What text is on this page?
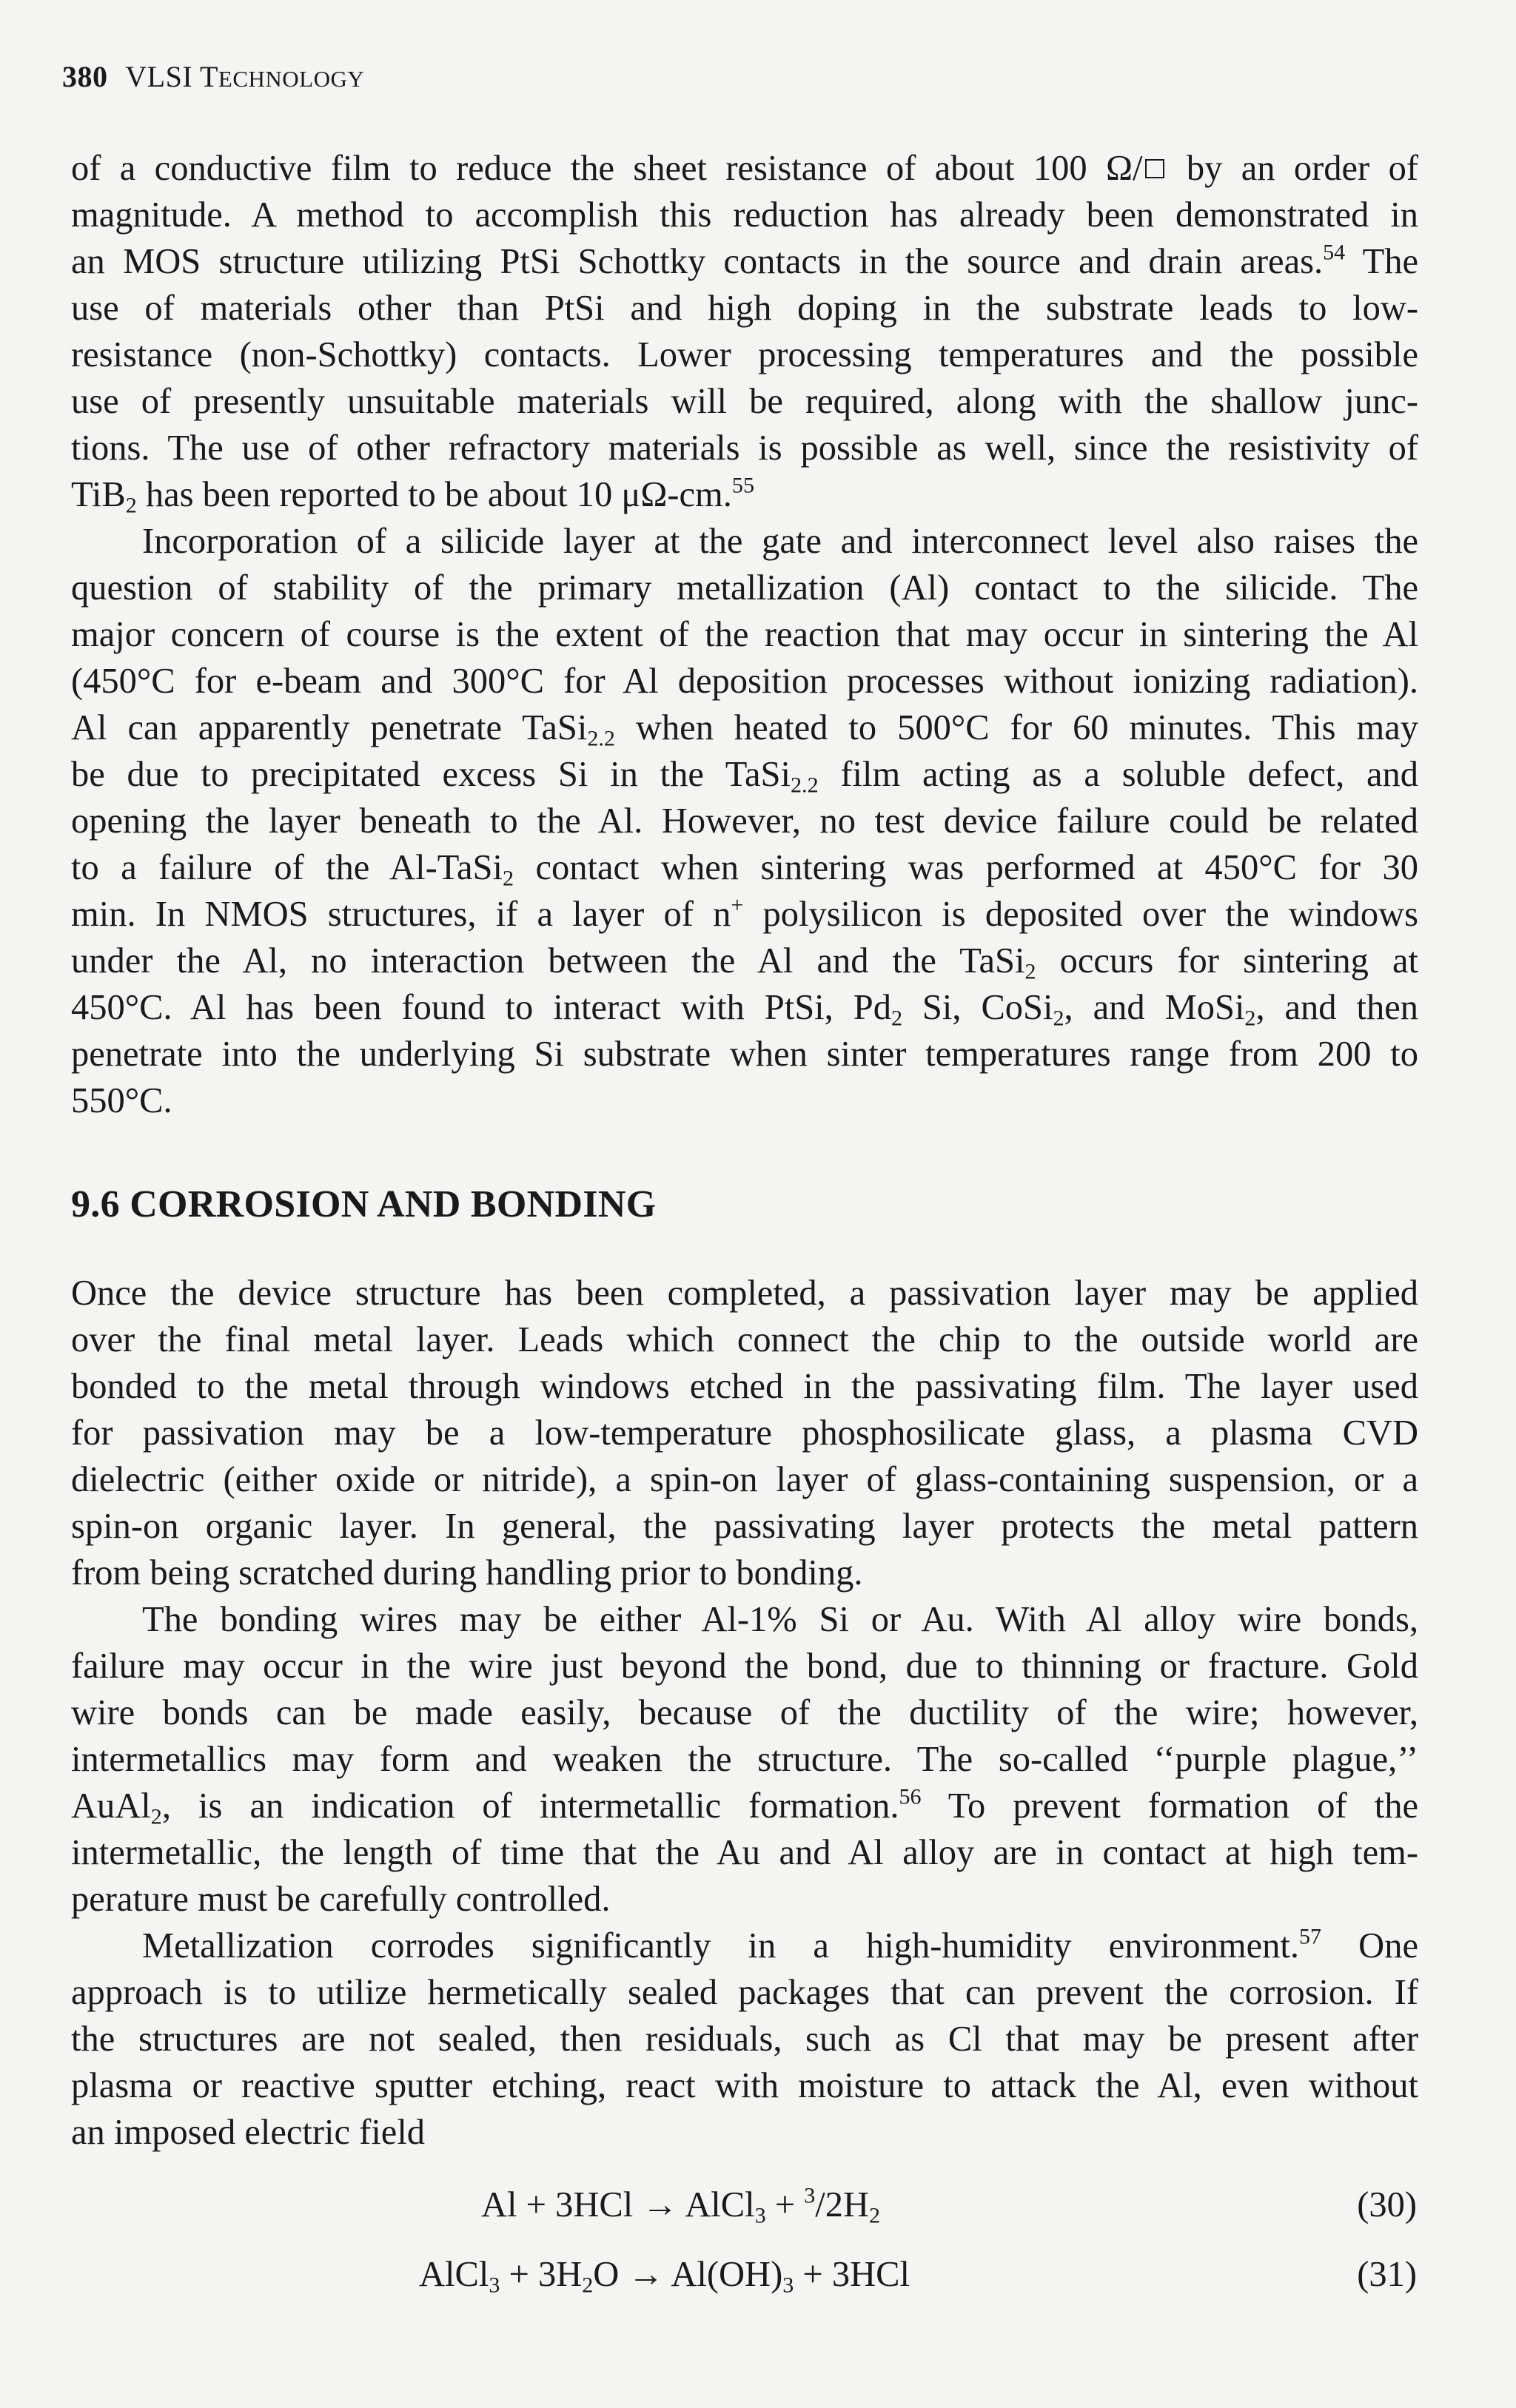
380 VLSI TECHNOLOGY
of a conductive film to reduce the sheet resistance of about 100 Ω/ by an order of
magnitude. A method to accomplish this reduction has already been demonstrated in
an MOS structure utilizing PtSi Schottky contacts in the source and drain areas.$^{54}$ The
use of materials other than PtSi and high doping in the substrate leads to low-
resistance (non-Schottky) contacts. Lower processing temperatures and the possible
use of presently unsuitable materials will be required, along with the shallow junc-
tions. The use of other refractory materials is possible as well, since the resistivity of
TiB$_2$ has been reported to be about 10 μΩ-cm.$^{55}$
Incorporation of a silicide layer at the gate and interconnect level also raises the
question of stability of the primary metallization (Al) contact to the silicide. The
major concern of course is the extent of the reaction that may occur in sintering the Al
(450°C for e-beam and 300°C for Al deposition processes without ionizing radiation).
Al can apparently penetrate TaSi$_{2.2}$ when heated to 500°C for 60 minutes. This may
be due to precipitated excess Si in the TaSi$_{2.2}$ film acting as a soluble defect, and
opening the layer beneath to the Al. However, no test device failure could be related
to a failure of the Al-TaSi$_2$ contact when sintering was performed at 450°C for 30
min. In NMOS structures, if a layer of n+ polysilicon is deposited over the windows
under the Al, no interaction between the Al and the TaSi$_2$ occurs for sintering at
450°C. Al has been found to interact with PtSi, $Pd_2$ Si, CoSi$_2$, and MoSi$_2$, and then
penetrate into the underlying Si substrate when sinter temperatures range from 200 to
550°C.
9.6 CORROSION AND BONDING
Once the device structure has been completed, a passivation layer may be applied
over the final metal layer. Leads which connect the chip to the outside world are
bonded to the metal through windows etched in the passivating film. The layer used
for passivation may be a low-temperature phosphosilicate glass, a plasma CVD
dielectric (either oxide or nitride), a spin-on layer of glass-containing suspension, or a
spin-on organic layer. In general, the passivating layer protects the metal pattern
from being scratched during handling prior to bonding.
The bonding wires may be either Al-1% Si or Au. With Al alloy wire bonds,
failure may occur in the wire just beyond the bond, due to thinning or fracture. Gold
wire bonds can be made easily, because of the ductility of the wire; however,
intermetallics may form and weaken the structure. The so-called ‘‘purple plague,’’
AuAl$_2$, is an indication of intermetallic formation.$^{56}$ To prevent formation of the
intermetallic, the length of time that the Au and Al alloy are in contact at high tem-
perature must be carefully controlled.
Metallization corrodes significantly in a high-humidity environment.$^{57}$ One
approach is to utilize hermetically sealed packages that can prevent the corrosion. If
the structures are not sealed, then residuals, such as Cl that may be present after
plasma or reactive sputter etching, react with moisture to attack the Al, even without
an imposed electric field
Al + 3HCl → AlCl$_3$ + $^3/2H_2$	(30)
AlCl$_3$ + $3H_2O \to Al(OH)_3 + 3HCl$	(31)
